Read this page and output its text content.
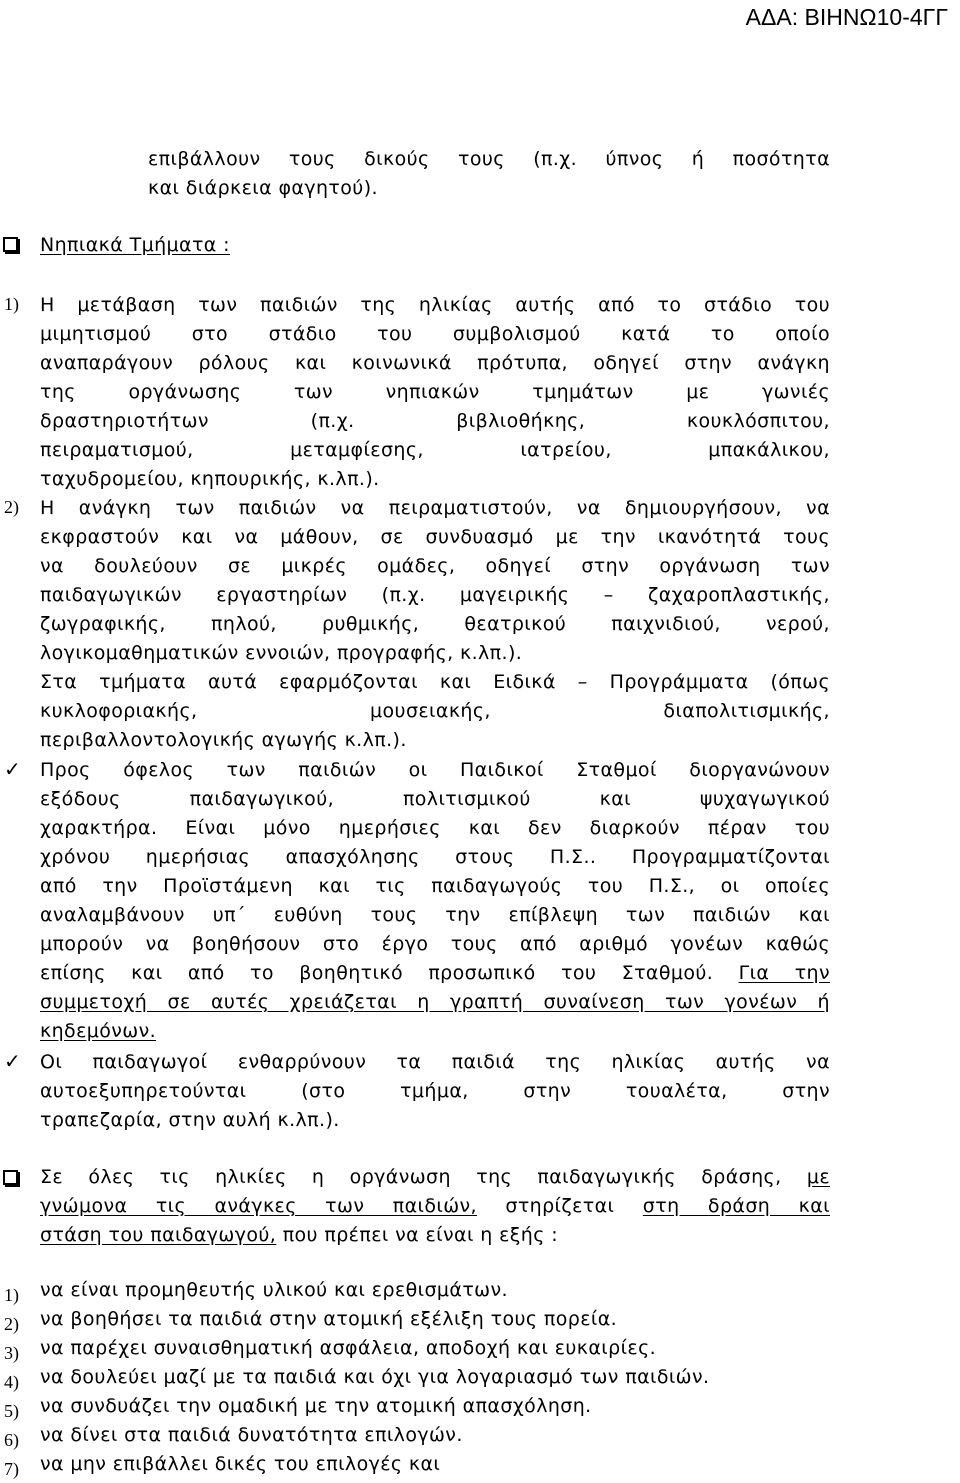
ΑΔΑ: ΒΙΗΝΩ10-4ΓΓ
επιβάλλουν τους δικούς τους (π.χ. ύπνος ή ποσότητα
και διάρκεια φαγητού).
Νηπιακά Τμήματα :
1) Η μετάβαση των παιδιών της ηλικίας αυτής από το στάδιο του
μιμητισμού στο στάδιο του συμβολισμού κατά το οποίο
αναπαράγουν ρόλους και κοινωνικά πρότυπα, οδηγεί στην ανάγκη
της οργάνωσης των νηπιακών τμημάτων με γωνιές
δραστηριοτήτων (π.χ. βιβλιοθήκης, κουκλόσπιτου,
πειραματισμού, μεταμφίεσης, ιατρείου, μπακάλικου,
ταχυδρομείου, κηπουρικής, κ.λπ.).
2) Η ανάγκη των παιδιών να πειραματιστούν, να δημιουργήσουν, να
εκφραστούν και να μάθουν, σε συνδυασμό με την ικανότητά τους
να δουλεύουν σε μικρές ομάδες, οδηγεί στην οργάνωση των
παιδαγωγικών εργαστηρίων (π.χ. μαγειρικής – ζαχαροπλαστικής,
ζωγραφικής, πηλού, ρυθμικής, θεατρικού παιχνιδιού, νερού,
λογικομαθηματικών εννοιών, προγραφής, κ.λπ.).
Στα τμήματα αυτά εφαρμόζονται και Ειδικά – Προγράμματα (όπως
κυκλοφοριακής, μουσειακής, διαπολιτισμικής,
περιβαλλοντολογικής αγωγής κ.λπ.).
✓ Προς όφελος των παιδιών οι Παιδικοί Σταθμοί διοργανώνουν
εξόδους παιδαγωγικού, πολιτισμικού και ψυχαγωγικού
χαρακτήρα. Είναι μόνο ημερήσιες και δεν διαρκούν πέραν του
χρόνου ημερήσιας απασχόλησης στους Π.Σ.. Προγραμματίζονται
από την Προϊστάμενη και τις παιδαγωγούς του Π.Σ., οι οποίες
αναλαμβάνουν υπ΄ ευθύνη τους την επίβλεψη των παιδιών και
μπορούν να βοηθήσουν στο έργο τους από αριθμό γονέων καθώς
επίσης και από το βοηθητικό προσωπικό του Σταθμού. Για την
συμμετοχή σε αυτές χρειάζεται η γραπτή συναίνεση των γονέων ή
κηδεμόνων.
✓ Οι παιδαγωγοί ενθαρρύνουν τα παιδιά της ηλικίας αυτής να
αυτοεξυπηρετούνται (στο τμήμα, στην τουαλέτα, στην
τραπεζαρία, στην αυλή κ.λπ.).
Σε όλες τις ηλικίες η οργάνωση της παιδαγωγικής δράσης, με
γνώμονα τις ανάγκες των παιδιών, στηρίζεται στη δράση και
στάση του παιδαγωγού, που πρέπει να είναι η εξής :
1) να είναι προμηθευτής υλικού και ερεθισμάτων.
2) να βοηθήσει τα παιδιά στην ατομική εξέλιξη τους πορεία.
3) να παρέχει συναισθηματική ασφάλεια, αποδοχή και ευκαιρίες.
4) να δουλεύει μαζί με τα παιδιά και όχι για λογαριασμό των παιδιών.
5) να συνδυάζει την ομαδική με την ατομική απασχόληση.
6) να δίνει στα παιδιά δυνατότητα επιλογών.
7) να μην επιβάλλει δικές του επιλογές και
